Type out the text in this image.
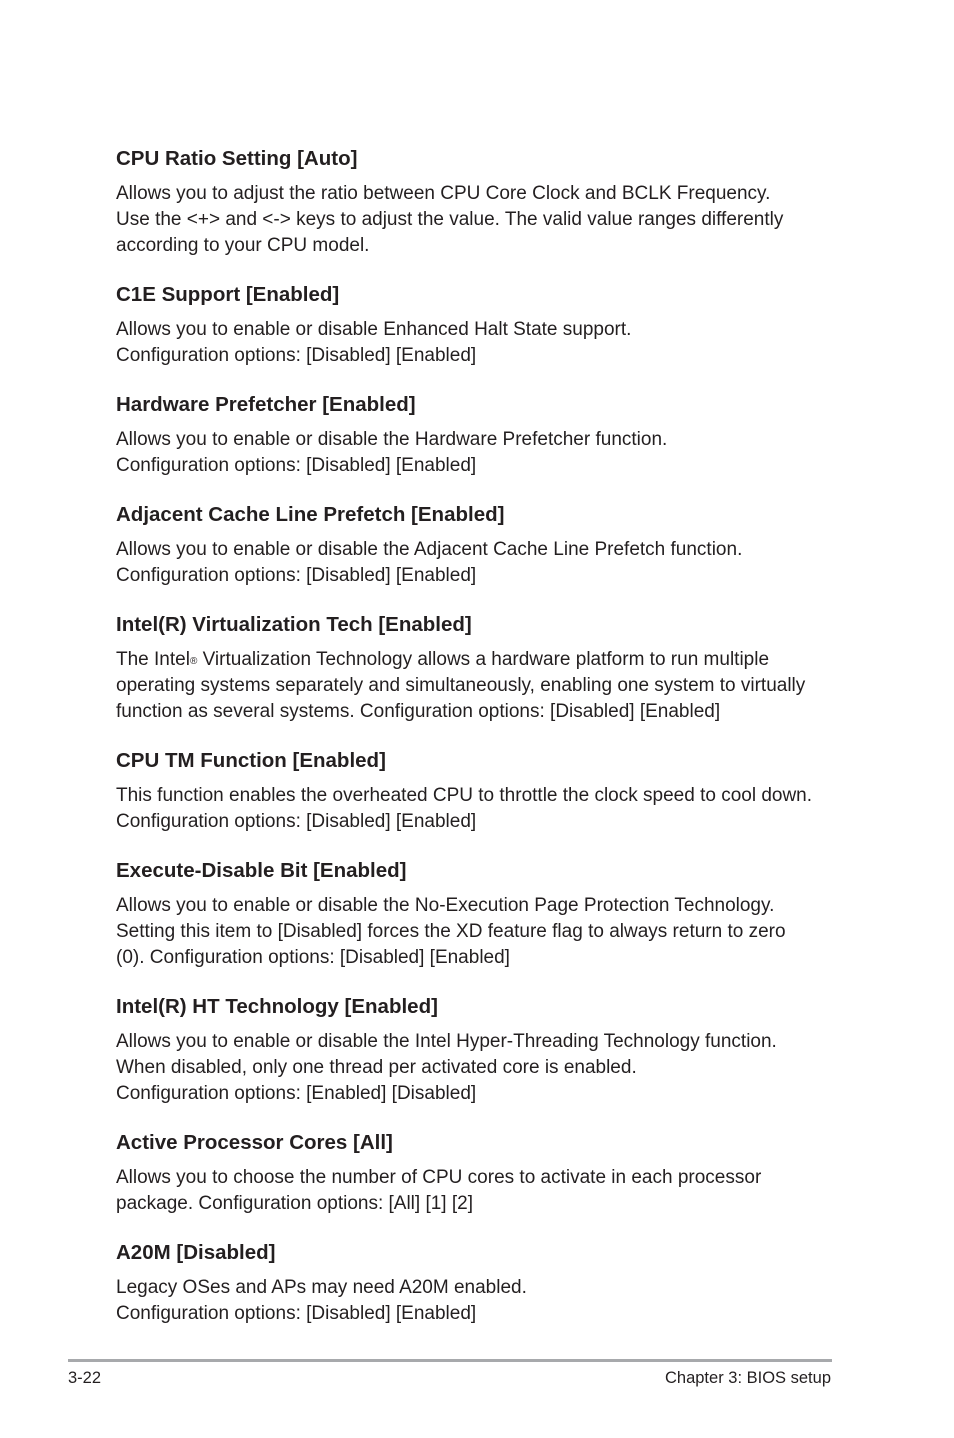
CPU Ratio Setting [Auto]

Allows you to adjust the ratio between CPU Core Clock and BCLK Frequency.
Use the <+> and <-> keys to adjust the value. The valid value ranges differently
according to your CPU model.

C1E Support [Enabled]

Allows you to enable or disable Enhanced Halt State support.
Configuration options: [Disabled] [Enabled]

Hardware Prefetcher [Enabled]

Allows you to enable or disable the Hardware Prefetcher function.
Configuration options: [Disabled] [Enabled]

Adjacent Cache Line Prefetch [Enabled]

Allows you to enable or disable the Adjacent Cache Line Prefetch function.
Configuration options: [Disabled] [Enabled]

Intel(R) Virtualization Tech [Enabled]

The Intel® Virtualization Technology allows a hardware platform to run multiple
operating systems separately and simultaneously, enabling one system to virtually
function as several systems. Configuration options: [Disabled] [Enabled]

CPU TM Function [Enabled]

This function enables the overheated CPU to throttle the clock speed to cool down.
Configuration options: [Disabled] [Enabled]

Execute-Disable Bit [Enabled]

Allows you to enable or disable the No-Execution Page Protection Technology.
Setting this item to [Disabled] forces the XD feature flag to always return to zero
(0). Configuration options: [Disabled] [Enabled]

Intel(R) HT Technology [Enabled]

Allows you to enable or disable the Intel Hyper-Threading Technology function.
When disabled, only one thread per activated core is enabled.
Configuration options: [Enabled] [Disabled]

Active Processor Cores [All]

Allows you to choose the number of CPU cores to activate in each processor
package. Configuration options: [All] [1] [2]

A20M [Disabled]

Legacy OSes and APs may need A20M enabled.
Configuration options: [Disabled] [Enabled]

3-22	Chapter 3: BIOS setup
